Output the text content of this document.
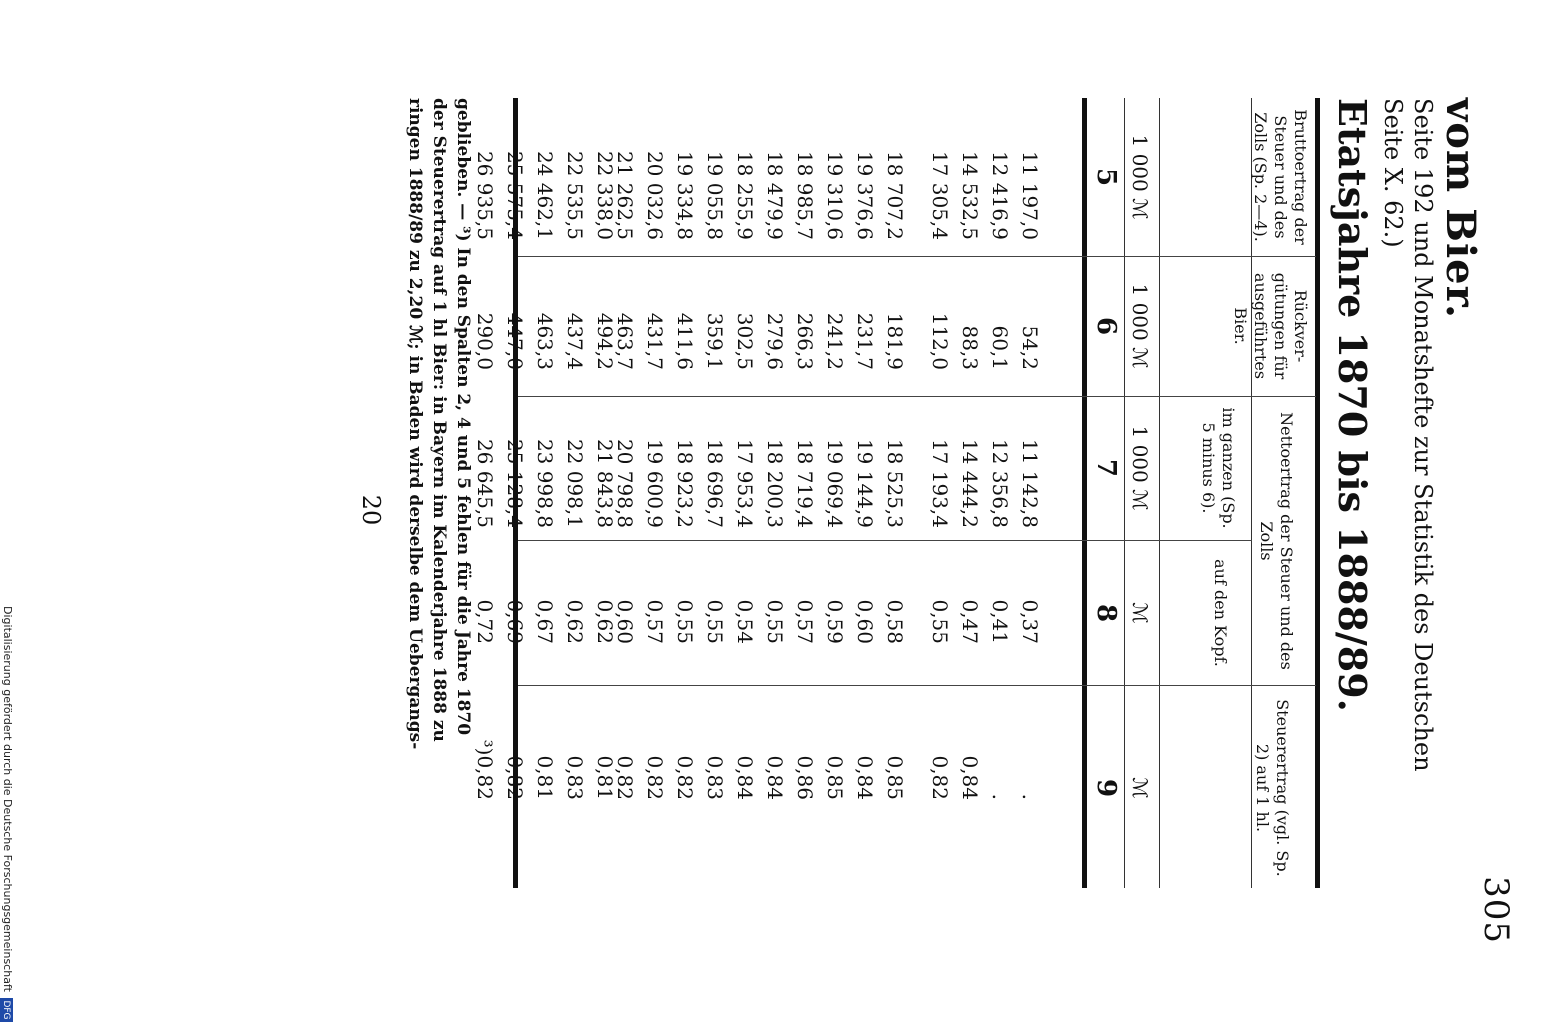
305
vom Bier.
Seite 192 und Monatshefte zur Statistik des Deutschen
Seite X. 62.)
Etatsjahre 1870 bis 1888/89.
Bruttoertrag der Steuer und des Zolls (Sp. 2—4).
Rückver- gütungen für ausgeführtes Bier.
Nettoertrag der Steuer und des Zolls
im ganzen (Sp. 5 minus 6).
auf den Kopf.
Steuerertrag (vgl. Sp. 2) auf 1 hl.
1 000 ℳ
1 000 ℳ
1 000 ℳ
ℳ
ℳ
5
6
7
8
9
11 197,0
12 416,9
14 532,5
17 305,4
54,2
60,1
88,3
112,0
11 142,8
12 356,8
14 444,2
17 193,4
0,37
0,41
0,47
0,55
.
.
0,84
0,82
18 707,2
19 376,6
19 310,6
18 985,7
18 479,9
181,9
231,7
241,2
266,3
279,6
18 525,3
19 144,9
19 069,4
18 719,4
18 200,3
0,58
0,60
0,59
0,57
0,55
0,85
0,84
0,85
0,86
0,84
18 255,9
19 055,8
19 334,8
20 032,6
21 262,5
302,5
359,1
411,6
431,7
463,7
17 953,4
18 696,7
18 923,2
19 600,9
20 798,8
0,54
0,55
0,55
0,57
0,60
0,84
0,83
0,82
0,82
0,82
22 338,0
22 535,5
24 462,1
25 575,4
26 935,5
494,2
437,4
463,3
447,0
290,0
21 843,8
22 098,1
23 998,8
25 128,4
26 645,5
0,62
0,62
0,67
0,69
0,72
0,81
0,83
0,81
0,82
³)0,82
geblieben. — ³) In den Spalten 2, 4 und 5 fehlen für die Jahre 1870
der Steuerertrag auf 1 hl Bier: in Bayern im Kalenderjahre 1888 zu
ringen 1888/89 zu 2,20 ℳ; in Baden wird derselbe dem Uebergangs-
20
Digitalisierung gefördert durch die Deutsche Forschungsgemeinschaft DFG
